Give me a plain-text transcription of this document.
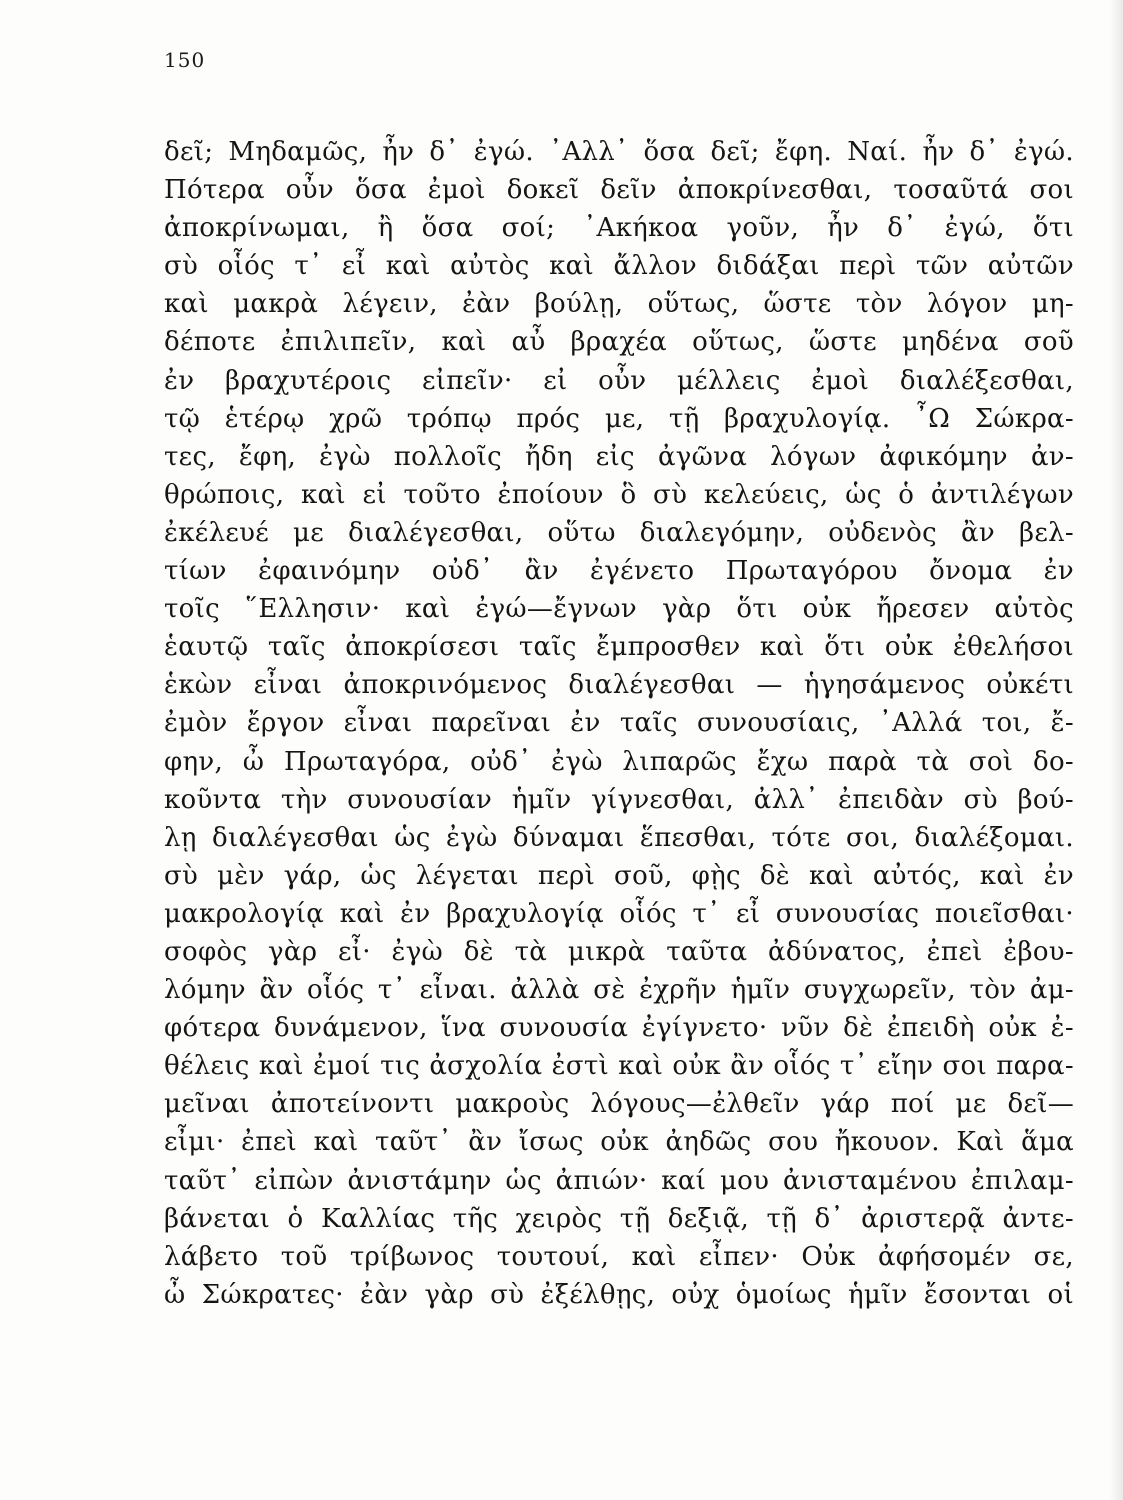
150
δεῖ; Μηδαμῶς, ἦν δ᾽ ἐγώ. ᾽Αλλ᾽ ὅσα δεῖ; ἔφη. Ναί. ἦν δ᾽ ἐγώ.
Πότερα οὖν ὅσα ἐμοὶ δοκεῖ δεῖν ἀποκρίνεσθαι, τοσαῦτά σοι
ἀποκρίνωμαι, ἢ ὅσα σοί; ᾽Ακήκοα γοῦν, ἦν δ᾽ ἐγώ, ὅτι
σὺ οἷός τ᾽ εἶ καὶ αὐτὸς καὶ ἄλλον διδάξαι περὶ τῶν αὐτῶν
καὶ μακρὰ λέγειν, ἐὰν βούλῃ, οὕτως, ὥστε τὸν λόγον μη-
δέποτε ἐπιλιπεῖν, καὶ αὖ βραχέα οὕτως, ὥστε μηδένα σοῦ
ἐν βραχυτέροις εἰπεῖν· εἰ οὖν μέλλεις ἐμοὶ διαλέξεσθαι,
τῷ ἑτέρῳ χρῶ τρόπῳ πρός με, τῇ βραχυλογίᾳ. ῏Ω Σώκρα-
τες, ἔφη, ἐγὼ πολλοῖς ἤδη εἰς ἀγῶνα λόγων ἀφικόμην ἀν-
θρώποις, καὶ εἰ τοῦτο ἐποίουν ὃ σὺ κελεύεις, ὡς ὁ ἀντιλέγων
ἐκέλευέ με διαλέγεσθαι, οὕτω διαλεγόμην, οὐδενὸς ἂν βελ-
τίων ἐφαινόμην οὐδ᾽ ἂν ἐγένετο Πρωταγόρου ὄνομα ἐν
τοῖς ῞Ελλησιν· καὶ ἐγώ—ἔγνων γὰρ ὅτι οὐκ ἤρεσεν αὐτὸς
ἑαυτῷ ταῖς ἀποκρίσεσι ταῖς ἔμπροσθεν καὶ ὅτι οὐκ ἐθελήσοι
ἑκὼν εἶναι ἀποκρινόμενος διαλέγεσθαι — ἡγησάμενος οὐκέτι
ἐμὸν ἔργον εἶναι παρεῖναι ἐν ταῖς συνουσίαις, ᾽Αλλά τοι, ἔ-
φην, ὦ Πρωταγόρα, οὐδ᾽ ἐγὼ λιπαρῶς ἔχω παρὰ τὰ σοὶ δο-
κοῦντα τὴν συνουσίαν ἡμῖν γίγνεσθαι, ἀλλ᾽ ἐπειδὰν σὺ βού-
λῃ διαλέγεσθαι ὡς ἐγὼ δύναμαι ἕπεσθαι, τότε σοι, διαλέξομαι.
σὺ μὲν γάρ, ὡς λέγεται περὶ σοῦ, φῂς δὲ καὶ αὐτός, καὶ ἐν
μακρολογίᾳ καὶ ἐν βραχυλογίᾳ οἷός τ᾽ εἶ συνουσίας ποιεῖσθαι·
σοφὸς γὰρ εἶ· ἐγὼ δὲ τὰ μικρὰ ταῦτα ἀδύνατος, ἐπεὶ ἐβου-
λόμην ἂν οἷός τ᾽ εἶναι. ἀλλὰ σὲ ἐχρῆν ἡμῖν συγχωρεῖν, τὸν ἀμ-
φότερα δυνάμενον, ἵνα συνουσία ἐγίγνετο· νῦν δὲ ἐπειδὴ οὐκ ἐ-
θέλεις καὶ ἐμοί τις ἀσχολία ἐστὶ καὶ οὐκ ἂν οἷός τ᾽ εἴην σοι παρα-
μεῖναι ἀποτείνοντι μακροὺς λόγους—ἐλθεῖν γάρ ποί με δεῖ—
εἶμι· ἐπεὶ καὶ ταῦτ᾽ ἂν ἴσως οὐκ ἀηδῶς σου ἤκουον. Καὶ ἅμα
ταῦτ᾽ εἰπὼν ἀνιστάμην ὡς ἀπιών· καί μου ἀνισταμένου ἐπιλαμ-
βάνεται ὁ Καλλίας τῆς χειρὸς τῇ δεξιᾷ, τῇ δ᾽ ἀριστερᾷ ἀντε-
λάβετο τοῦ τρίβωνος τουτουί, καὶ εἶπεν· Οὐκ ἀφήσομέν σε,
ὦ Σώκρατες· ἐὰν γὰρ σὺ ἐξέλθῃς, οὐχ ὁμοίως ἡμῖν ἔσονται οἱ
